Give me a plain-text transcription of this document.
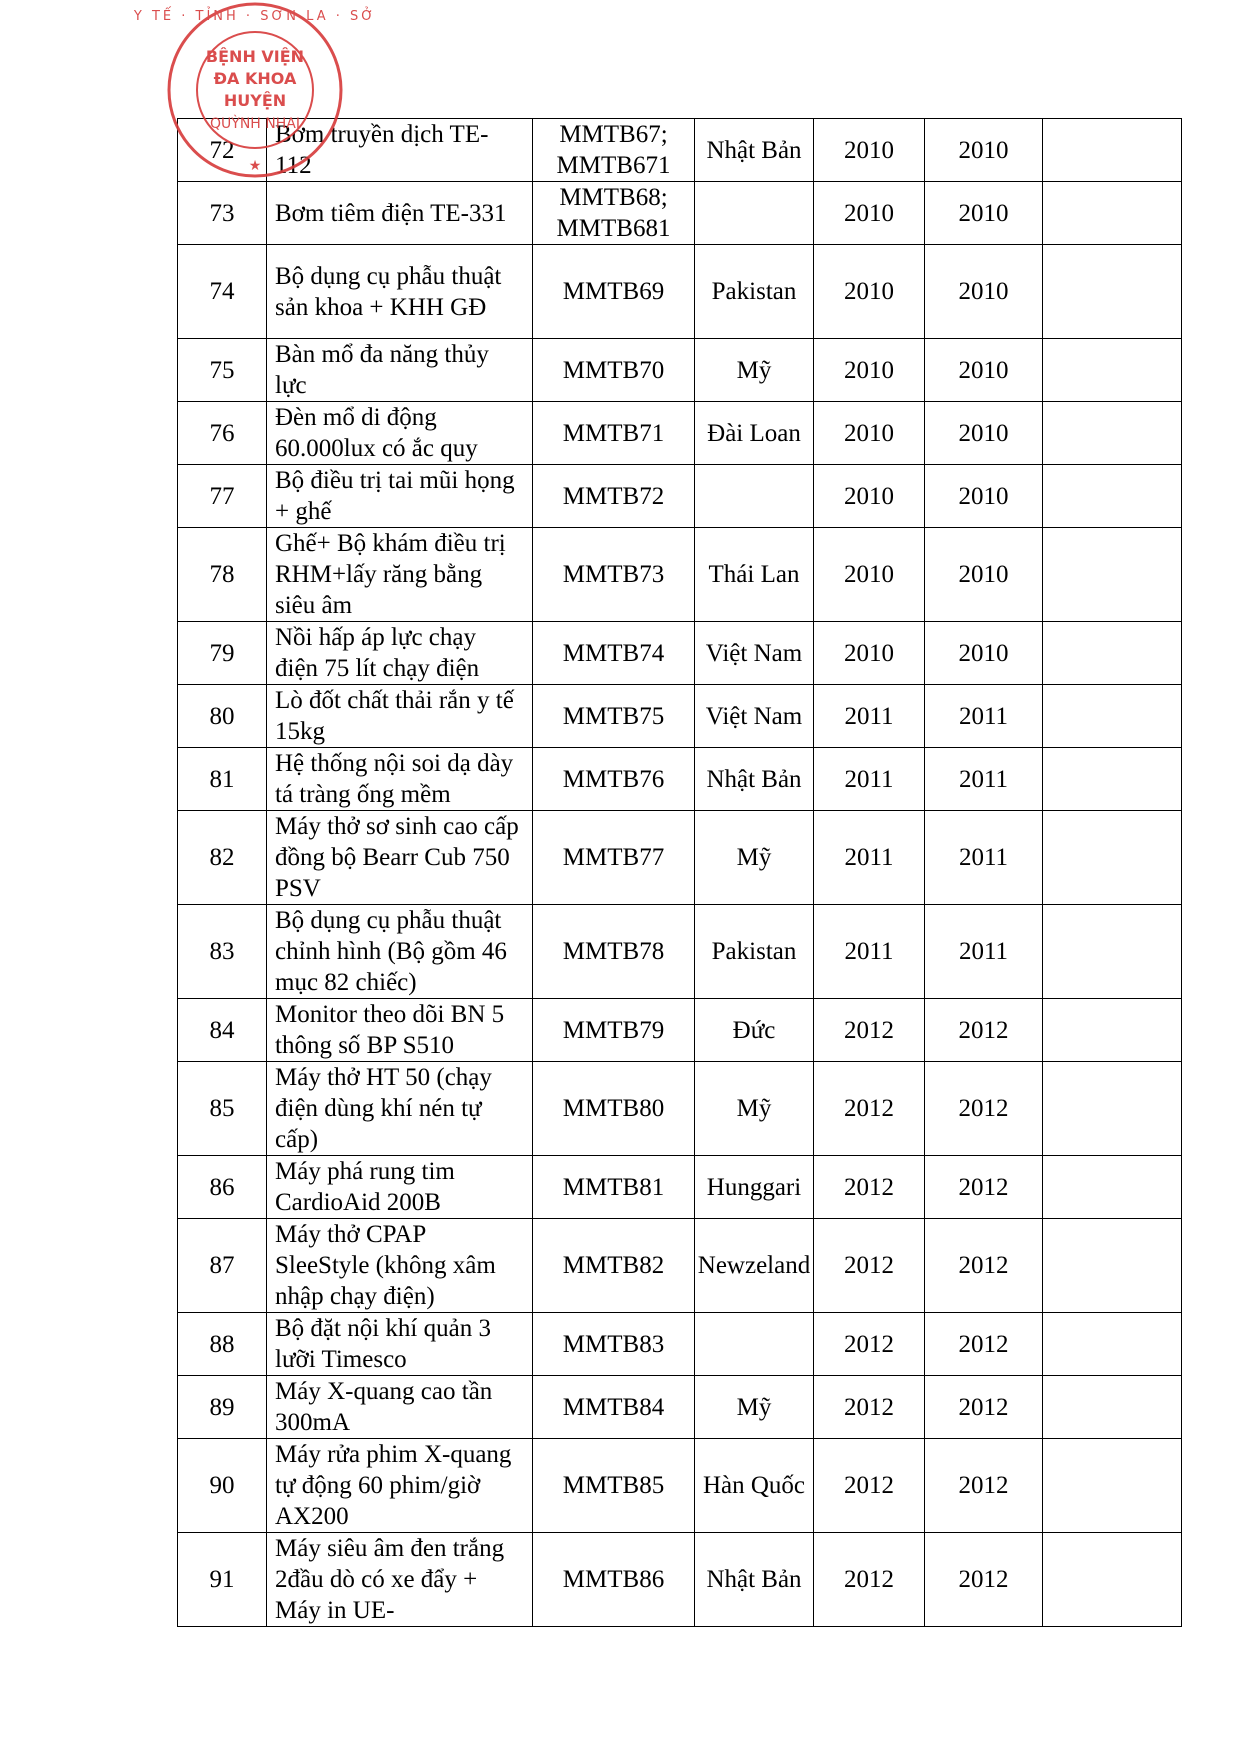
Y TẾ · TỈNH · SƠN LA · SỞ
BỆNH VIỆN
ĐA KHOA
HUYỆN
QUỲNH NHAI
★
72	Bơm truyền dịch TE-112	MMTB67; MMTB671	Nhật Bản	2010	2010	
73	Bơm tiêm điện TE-331	MMTB68; MMTB681		2010	2010	
74	Bộ dụng cụ phẫu thuật sản khoa + KHH GĐ	MMTB69	Pakistan	2010	2010	
75	Bàn mổ đa năng thủy lực	MMTB70	Mỹ	2010	2010	
76	Đèn mổ di động 60.000lux có ắc quy	MMTB71	Đài Loan	2010	2010	
77	Bộ điều trị tai mũi họng + ghế	MMTB72		2010	2010	
78	Ghế+ Bộ khám điều trị RHM+lấy răng bằng siêu âm	MMTB73	Thái Lan	2010	2010	
79	Nồi hấp áp lực chạy điện 75 lít chạy điện	MMTB74	Việt Nam	2010	2010	
80	Lò đốt chất thải rắn y tế 15kg	MMTB75	Việt Nam	2011	2011	
81	Hệ thống nội soi dạ dày tá tràng ống mềm	MMTB76	Nhật Bản	2011	2011	
82	Máy thở sơ sinh cao cấp đồng bộ Bearr Cub 750 PSV	MMTB77	Mỹ	2011	2011	
83	Bộ dụng cụ phẫu thuật chỉnh hình (Bộ gồm 46 mục 82 chiếc)	MMTB78	Pakistan	2011	2011	
84	Monitor theo dõi BN 5 thông số BP S510	MMTB79	Đức	2012	2012	
85	Máy thở HT 50 (chạy điện dùng khí nén tự cấp)	MMTB80	Mỹ	2012	2012	
86	Máy phá rung tim CardioAid 200B	MMTB81	Hunggari	2012	2012	
87	Máy thở CPAP SleeStyle (không xâm nhập chạy điện)	MMTB82	Newzeland	2012	2012	
88	Bộ đặt nội khí quản 3 lưỡi Timesco	MMTB83		2012	2012	
89	Máy X-quang cao tần 300mA	MMTB84	Mỹ	2012	2012	
90	Máy rửa phim X-quang tự động 60 phim/giờ AX200	MMTB85	Hàn Quốc	2012	2012	
91	Máy siêu âm đen trắng 2đầu dò có xe đẩy + Máy in UE-	MMTB86	Nhật Bản	2012	2012	
